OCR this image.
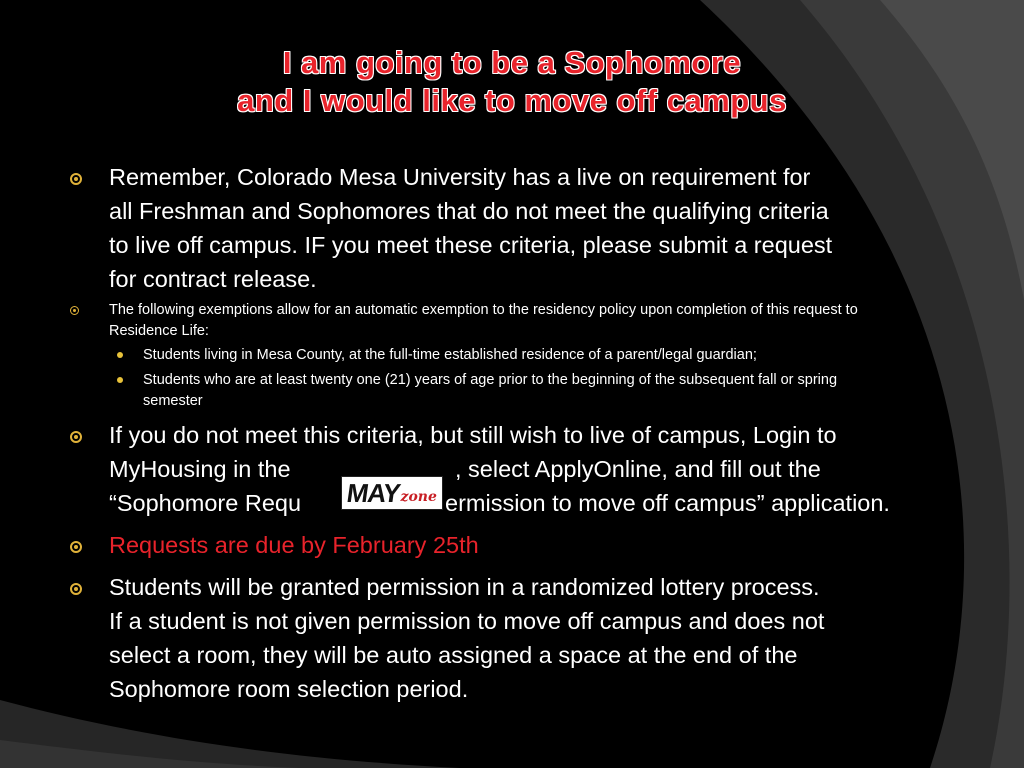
I am going to be a Sophomore
and I would like to move off campus
Remember, Colorado Mesa University has a live on requirement for
all Freshman and Sophomores that do not meet the qualifying criteria
to live off campus. IF you meet these criteria, please submit a request
for contract release.
The following exemptions allow for an automatic exemption to the residency policy upon completion of this request to
Residence Life:
Students living in Mesa County, at the full-time established residence of a parent/legal guardian;
Students who are at least twenty one (21) years of age prior to the beginning of the subsequent fall or spring
semester
If you do not meet this criteria, but still wish to live of campus, Login to
MyHousing in the	, select ApplyOnline, and fill out the
“Sophomore Requ	ermission to move off campus” application.
MAY
zone
Requests are due by February 25th
Students will be granted permission in a randomized lottery process.
If a student is not given permission to move off campus and does not
select a room, they will be auto assigned a space at the end of the
Sophomore room selection period.
